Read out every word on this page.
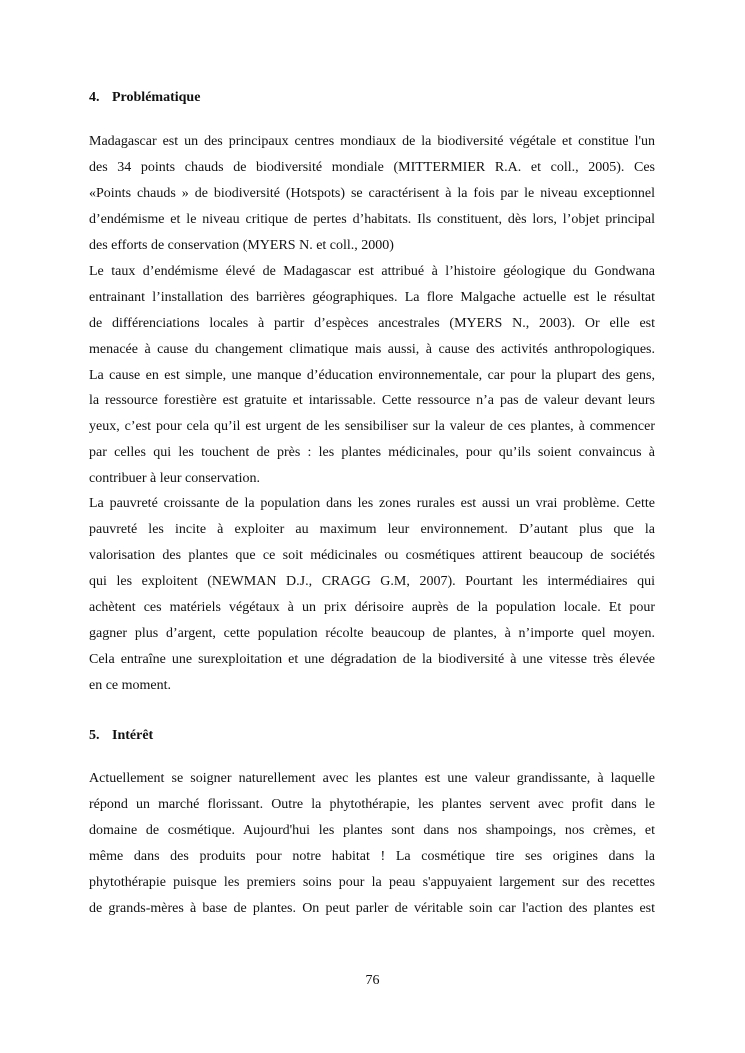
4. Problématique
Madagascar est un des principaux centres mondiaux de la biodiversité végétale et constitue l'un
des 34 points chauds de biodiversité mondiale (MITTERMIER R.A. et coll., 2005). Ces
«Points chauds » de biodiversité (Hotspots) se caractérisent à la fois par le niveau exceptionnel
d’endémisme et le niveau critique de pertes d’habitats. Ils constituent, dès lors, l’objet principal
des efforts de conservation (MYERS N. et coll., 2000)
Le taux d’endémisme élevé de Madagascar est attribué à l’histoire géologique du Gondwana
entrainant l’installation des barrières géographiques. La flore Malgache actuelle est le résultat
de différenciations locales à partir d’espèces ancestrales (MYERS N., 2003). Or elle est
menacée à cause du changement climatique mais aussi, à cause des activités anthropologiques.
La cause en est simple, une manque d’éducation environnementale, car pour la plupart des gens,
la ressource forestière est gratuite et intarissable. Cette ressource n’a pas de valeur devant leurs
yeux, c’est pour cela qu’il est urgent de les sensibiliser sur la valeur de ces plantes, à commencer
par celles qui les touchent de près : les plantes médicinales, pour qu’ils soient convaincus à
contribuer à leur conservation.
La pauvreté croissante de la population dans les zones rurales est aussi un vrai problème. Cette
pauvreté les incite à exploiter au maximum leur environnement. D’autant plus que la
valorisation des plantes que ce soit médicinales ou cosmétiques attirent beaucoup de sociétés
qui les exploitent (NEWMAN D.J., CRAGG G.M, 2007). Pourtant les intermédiaires qui
achètent ces matériels végétaux à un prix dérisoire auprès de la population locale. Et pour
gagner plus d’argent, cette population récolte beaucoup de plantes, à n’importe quel moyen.
Cela entraîne une surexploitation et une dégradation de la biodiversité à une vitesse très élevée
en ce moment.
5. Intérêt
Actuellement se soigner naturellement avec les plantes est une valeur grandissante, à laquelle
répond un marché florissant. Outre la phytothérapie, les plantes servent avec profit dans le
domaine de cosmétique. Aujourd'hui les plantes sont dans nos shampoings, nos crèmes, et
même dans des produits pour notre habitat ! La cosmétique tire ses origines dans la
phytothérapie puisque les premiers soins pour la peau s'appuyaient largement sur des recettes
de grands-mères à base de plantes. On peut parler de véritable soin car l'action des plantes est
76
